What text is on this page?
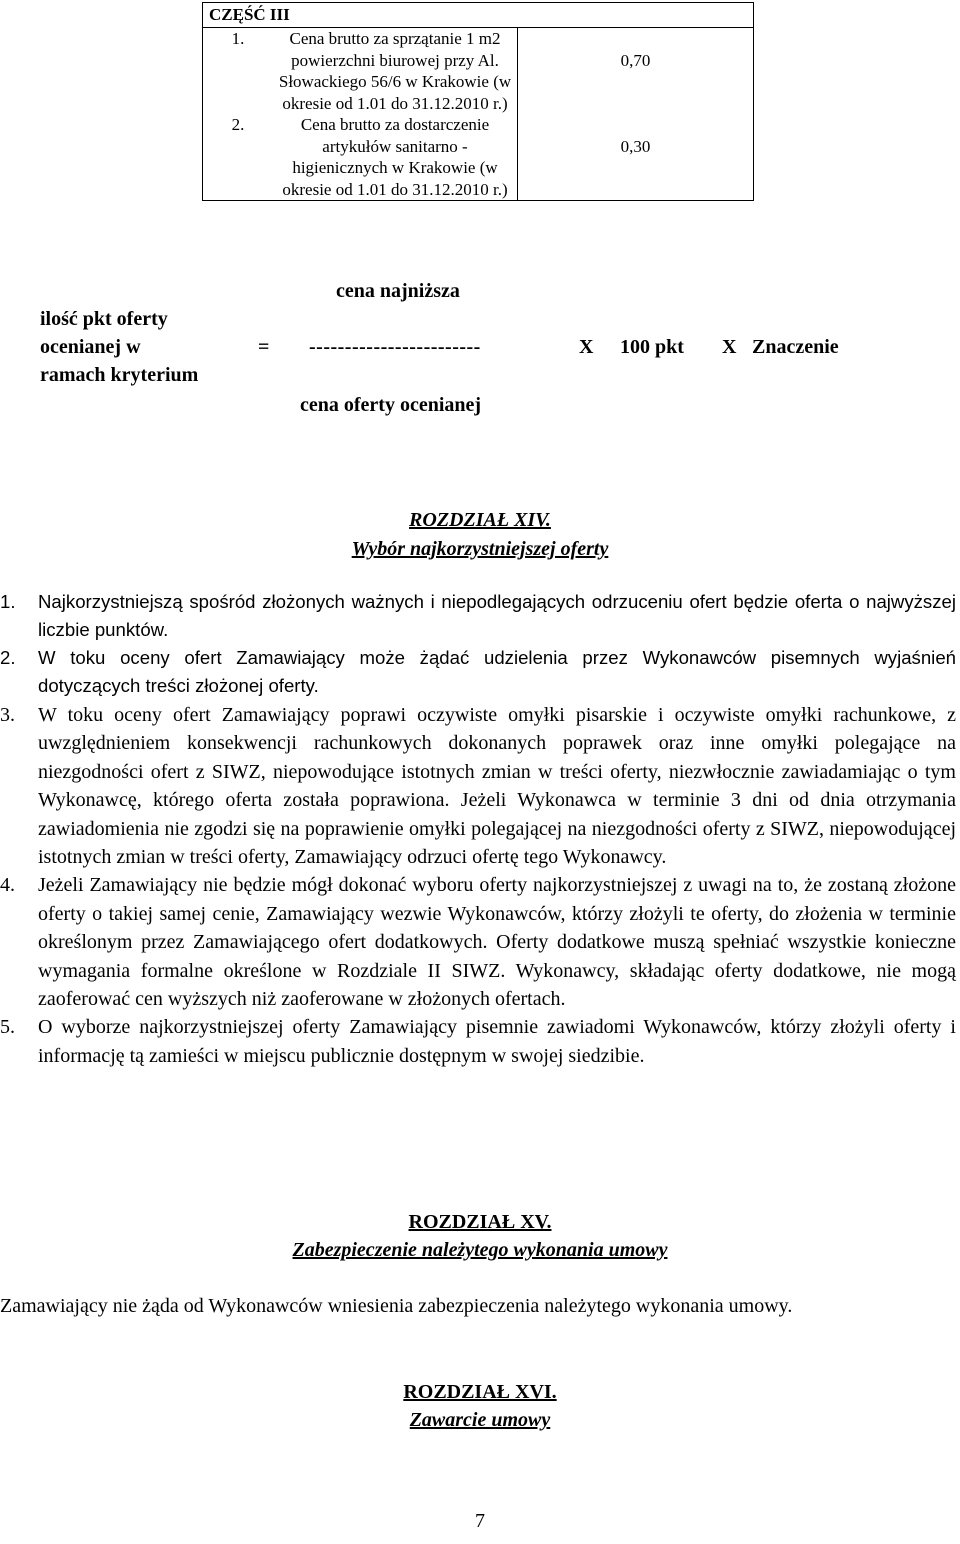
CZĘŚĆ III		
1.	Cena brutto za sprzątanie 1 m2 powierzchni biurowej przy Al. Słowackiego 56/6 w Krakowie (w okresie od 1.01 do 31.12.2010 r.)	0,70
2.	Cena brutto za dostarczenie artykułów sanitarno - higienicznych w Krakowie (w okresie od 1.01 do 31.12.2010 r.)	0,30
cena najniższa
ilość pkt oferty
ocenianej w
ramach kryterium
= ------------------------	X 100 pkt X Znaczenie
cena oferty ocenianej
ROZDZIAŁ XIV.
Wybór najkorzystniejszej oferty
1. Najkorzystniejszą spośród złożonych ważnych i niepodlegających odrzuceniu ofert będzie oferta o najwyższej liczbie punktów.
2. W toku oceny ofert Zamawiający może żądać udzielenia przez Wykonawców pisemnych wyjaśnień dotyczących treści złożonej oferty.
3. W toku oceny ofert Zamawiający poprawi oczywiste omyłki pisarskie i oczywiste omyłki rachunkowe, z uwzględnieniem konsekwencji rachunkowych dokonanych poprawek oraz inne omyłki polegające na niezgodności ofert z SIWZ, niepowodujące istotnych zmian w treści oferty, niezwłocznie zawiadamiając o tym Wykonawcę, którego oferta została poprawiona. Jeżeli Wykonawca w terminie 3 dni od dnia otrzymania zawiadomienia nie zgodzi się na poprawienie omyłki polegającej na niezgodności oferty z SIWZ, niepowodującej istotnych zmian w treści oferty, Zamawiający odrzuci ofertę tego Wykonawcy.
4. Jeżeli Zamawiający nie będzie mógł dokonać wyboru oferty najkorzystniejszej z uwagi na to, że zostaną złożone oferty o takiej samej cenie, Zamawiający wezwie Wykonawców, którzy złożyli te oferty, do złożenia w terminie określonym przez Zamawiającego ofert dodatkowych. Oferty dodatkowe muszą spełniać wszystkie konieczne wymagania formalne określone w Rozdziale II SIWZ. Wykonawcy, składając oferty dodatkowe, nie mogą zaoferować cen wyższych niż zaoferowane w złożonych ofertach.
5. O wyborze najkorzystniejszej oferty Zamawiający pisemnie zawiadomi Wykonawców, którzy złożyli oferty i informację tą zamieści w miejscu publicznie dostępnym w swojej siedzibie.
ROZDZIAŁ XV.
Zabezpieczenie należytego wykonania umowy
Zamawiający nie żąda od Wykonawców wniesienia zabezpieczenia należytego wykonania umowy.
ROZDZIAŁ XVI.
Zawarcie umowy
7
